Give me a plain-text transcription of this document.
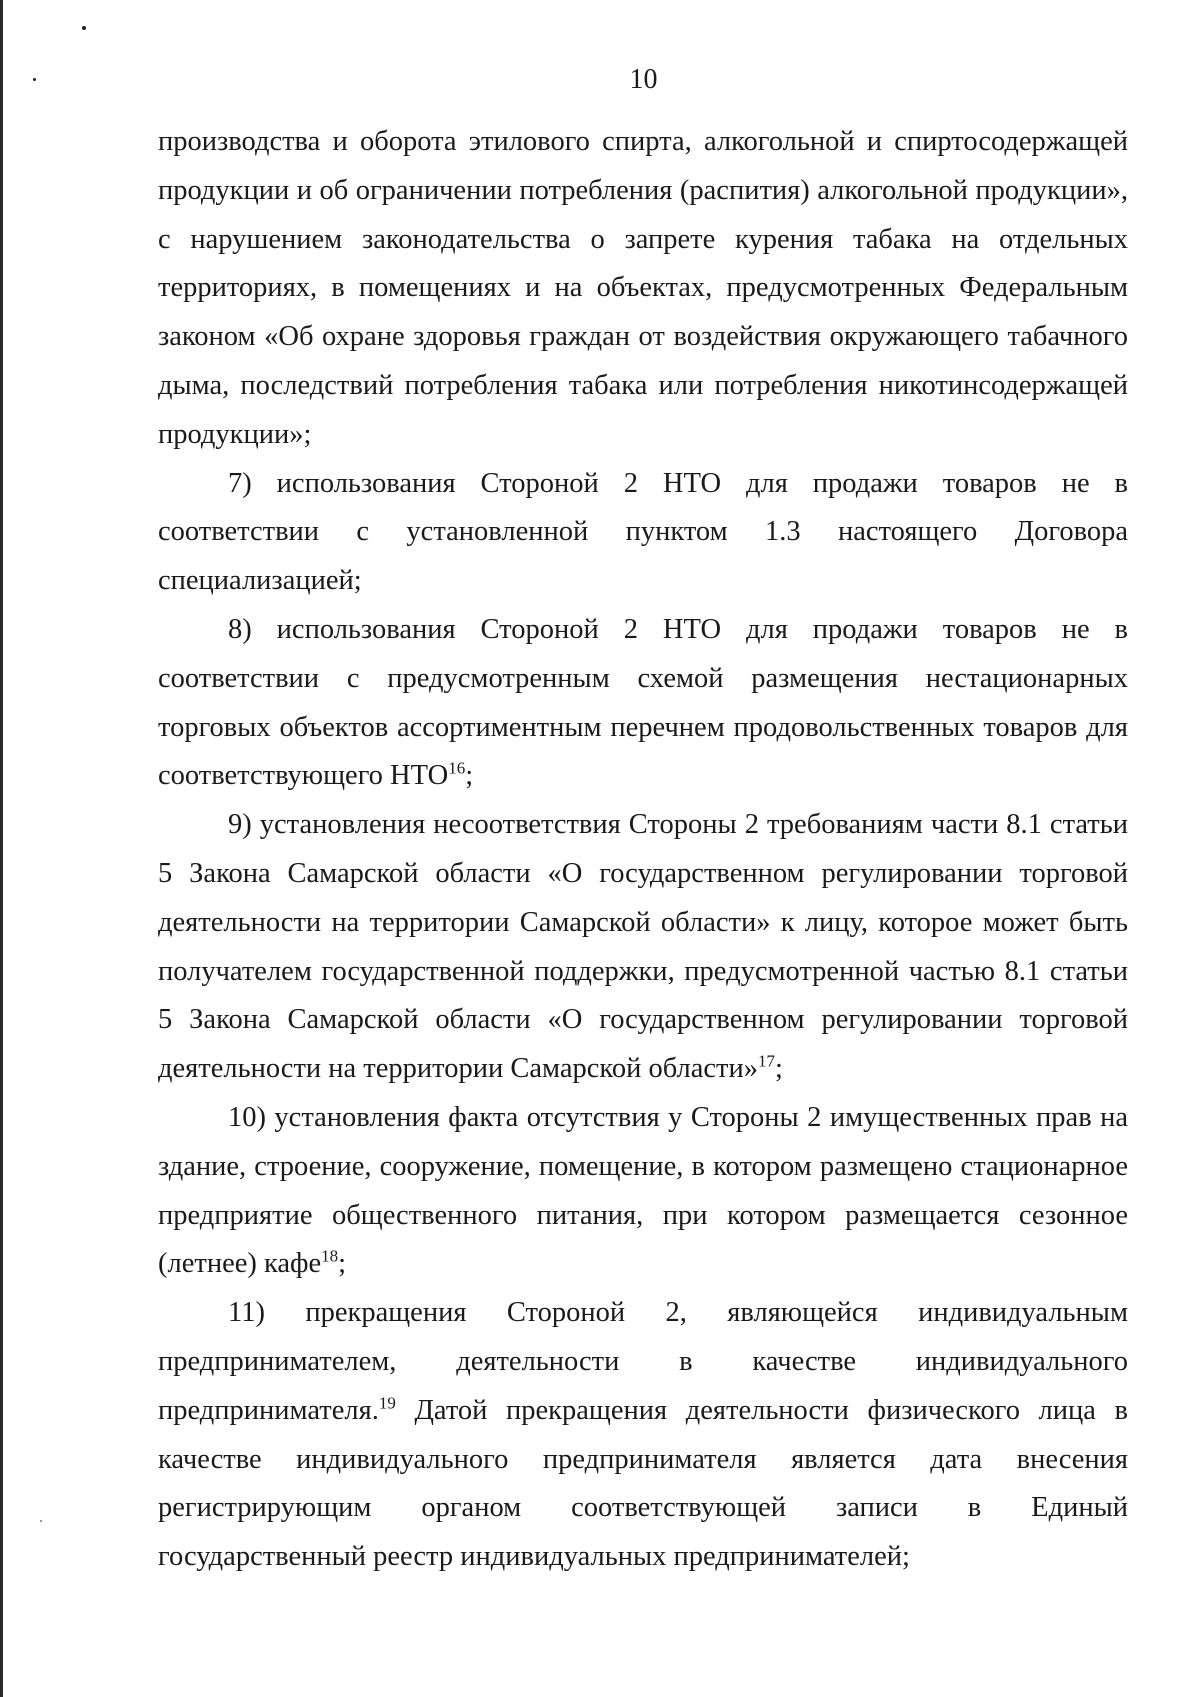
10

производства и оборота этилового спирта, алкогольной и спиртосодержащей продукции и об ограничении потребления (распития) алкогольной продукции», с нарушением законодательства о запрете курения табака на отдельных территориях, в помещениях и на объектах, предусмотренных Федеральным законом «Об охране здоровья граждан от воздействия окружающего табачного дыма, последствий потребления табака или потребления никотинсодержащей продукции»;

7) использования Стороной 2 НТО для продажи товаров не в соответствии с установленной пунктом 1.3 настоящего Договора специализацией;

8) использования Стороной 2 НТО для продажи товаров не в соответствии с предусмотренным схемой размещения нестационарных торговых объектов ассортиментным перечнем продовольственных товаров для соответствующего НТО$^{16}$;

9) установления несоответствия Стороны 2 требованиям части 8.1 статьи 5 Закона Самарской области «О государственном регулировании торговой деятельности на территории Самарской области» к лицу, которое может быть получателем государственной поддержки, предусмотренной частью 8.1 статьи 5 Закона Самарской области «О государственном регулировании торговой деятельности на территории Самарской области»$^{17}$;

10) установления факта отсутствия у Стороны 2 имущественных прав на здание, строение, сооружение, помещение, в котором размещено стационарное предприятие общественного питания, при котором размещается сезонное (летнее) кафе$^{18}$;

11) прекращения Стороной 2, являющейся индивидуальным предпринимателем, деятельности в качестве индивидуального предпринимателя.$^{19}$ Датой прекращения деятельности физического лица в качестве индивидуального предпринимателя является дата внесения регистрирующим органом соответствующей записи в Единый государственный реестр индивидуальных предпринимателей;
